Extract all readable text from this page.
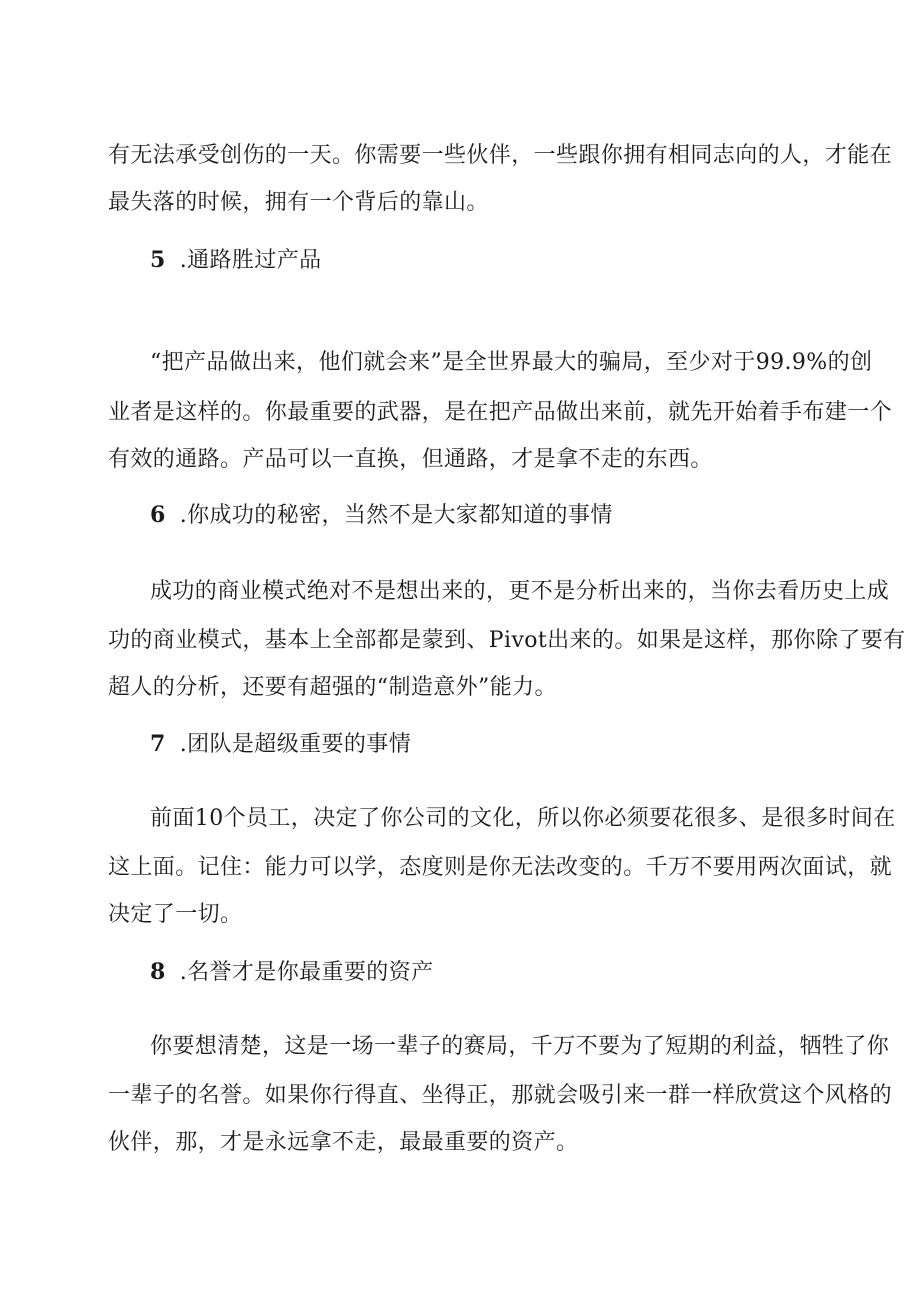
有无法承受创伤的一天。你需要一些伙伴，一些跟你拥有相同志向的人，才能在
最失落的时候，拥有一个背后的靠山。
5 .通路胜过产品
“把产品做出来，他们就会来”是全世界最大的骗局，至少对于99.9%的创
业者是这样的。你最重要的武器，是在把产品做出来前，就先开始着手布建一个
有效的通路。产品可以一直换，但通路，才是拿不走的东西。
6 .你成功的秘密，当然不是大家都知道的事情
成功的商业模式绝对不是想出来的，更不是分析出来的，当你去看历史上成
功的商业模式，基本上全部都是蒙到、Pivot出来的。如果是这样，那你除了要有
超人的分析，还要有超强的“制造意外”能力。
7 .团队是超级重要的事情
前面10个员工，决定了你公司的文化，所以你必须要花很多、是很多时间在
这上面。记住：能力可以学，态度则是你无法改变的。千万不要用两次面试，就
决定了一切。
8 .名誉才是你最重要的资产
你要想清楚，这是一场一辈子的赛局，千万不要为了短期的利益，牺牲了你
一辈子的名誉。如果你行得直、坐得正，那就会吸引来一群一样欣赏这个风格的
伙伴，那，才是永远拿不走，最最重要的资产。
